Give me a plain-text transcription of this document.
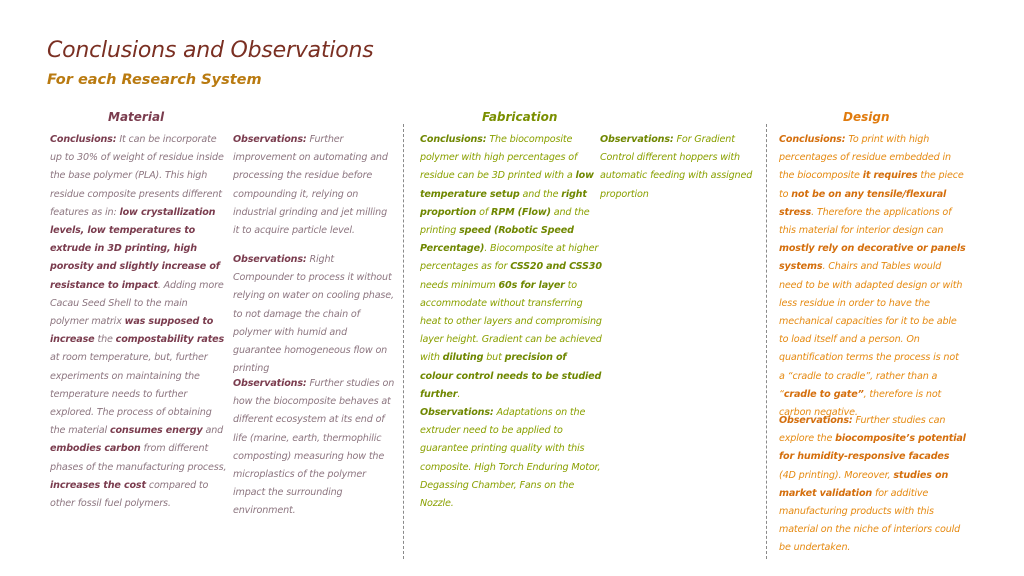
Conclusions and Observations
For each Research System
Material	Fabrication	Design
Conclusions: It can be incorporate up to 30% of weight of residue inside the base polymer (PLA). This high residue composite presents different features as in: low crystallization levels, low temperatures to extrude in 3D printing, high porosity and slightly increase of resistance to impact. Adding more Cacau Seed Shell to the main polymer matrix was supposed to increase the compostability rates at room temperature, but, further experiments on maintaining the temperature needs to further explored. The process of obtaining the material consumes energy and embodies carbon from different phases of the manufacturing process, increases the cost compared to other fossil fuel polymers.
Observations: Further improvement on automating and processing the residue before compounding it, relying on industrial grinding and jet milling it to acquire particle level.
Observations: Right Compounder to process it without relying on water on cooling phase, to not damage the chain of polymer with humid and guarantee homogeneous flow on printing
Observations: Further studies on how the biocomposite behaves at different ecosystem at its end of life (marine, earth, thermophilic composting) measuring how the microplastics of the polymer impact the surrounding environment.
Conclusions: The biocomposite polymer with high percentages of residue can be 3D printed with a low temperature setup and the right proportion of RPM (Flow) and the printing speed (Robotic Speed Percentage). Biocomposite at higher percentages as for CSS20 and CSS30 needs minimum 60s for layer to accommodate without transferring heat to other layers and compromising layer height. Gradient can be achieved with diluting but precision of colour control needs to be studied further.
Observations: Adaptations on the extruder need to be applied to guarantee printing quality with this composite. High Torch Enduring Motor, Degassing Chamber, Fans on the Nozzle.
Observations: For Gradient Control different hoppers with automatic feeding with assigned proportion
Conclusions: To print with high percentages of residue embedded in the biocomposite it requires the piece to not be on any tensile/flexural stress. Therefore the applications of this material for interior design can mostly rely on decorative or panels systems. Chairs and Tables would need to be with adapted design or with less residue in order to have the mechanical capacities for it to be able to load itself and a person. On quantification terms the process is not a “cradle to cradle”, rather than a “cradle to gate”, therefore is not carbon negative.
Observations: Further studies can explore the biocomposite’s potential for humidity-responsive facades (4D printing). Moreover, studies on market validation for additive manufacturing products with this material on the niche of interiors could be undertaken.
